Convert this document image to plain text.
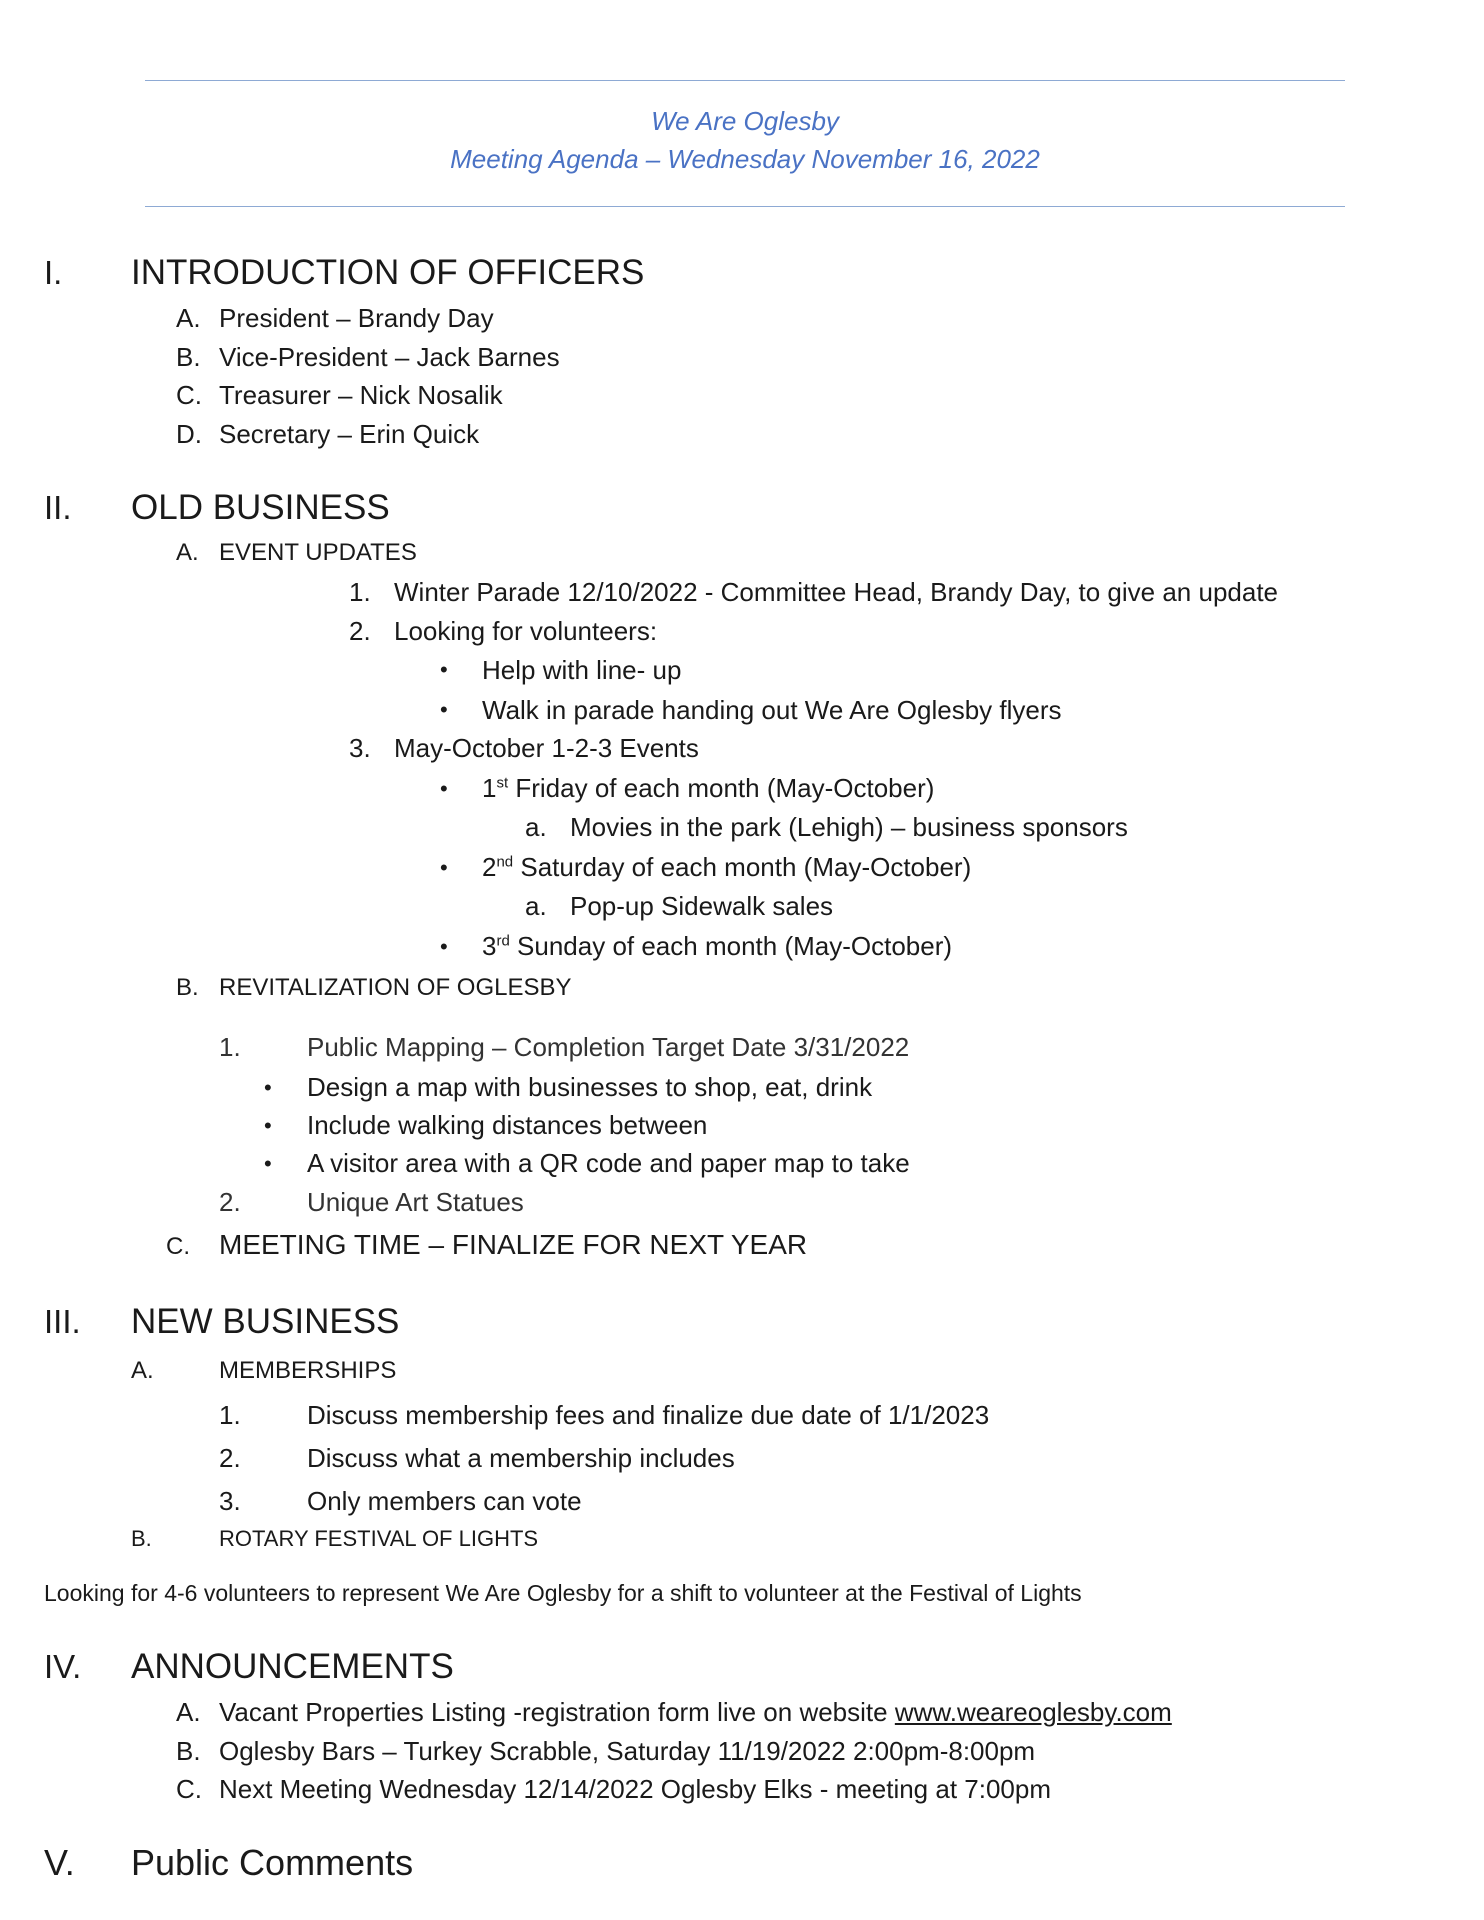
We Are Oglesby
Meeting Agenda – Wednesday November 16, 2022
I. INTRODUCTION OF OFFICERS
A. President – Brandy Day
B. Vice-President – Jack Barnes
C. Treasurer – Nick Nosalik
D. Secretary – Erin Quick
II. OLD BUSINESS
A. EVENT UPDATES
1. Winter Parade 12/10/2022 - Committee Head, Brandy Day, to give an update
2. Looking for volunteers:
• Help with line- up
• Walk in parade handing out We Are Oglesby flyers
3. May-October 1-2-3 Events
• 1st Friday of each month (May-October)
a. Movies in the park (Lehigh) – business sponsors
• 2nd Saturday of each month (May-October)
a. Pop-up Sidewalk sales
• 3rd Sunday of each month (May-October)
B. REVITALIZATION OF OGLESBY
1.	Public Mapping – Completion Target Date 3/31/2022
• Design a map with businesses to shop, eat, drink
• Include walking distances between
• A visitor area with a QR code and paper map to take
2.	Unique Art Statues
C. MEETING TIME – FINALIZE FOR NEXT YEAR
III. NEW BUSINESS
A.	MEMBERSHIPS
1.	Discuss membership fees and finalize due date of 1/1/2023
2.	Discuss what a membership includes
3.	Only members can vote
B.	ROTARY FESTIVAL OF LIGHTS
Looking for 4-6 volunteers to represent We Are Oglesby for a shift to volunteer at the Festival of Lights
IV. ANNOUNCEMENTS
A. Vacant Properties Listing -registration form live on website www.weareoglesby.com
B. Oglesby Bars – Turkey Scrabble, Saturday 11/19/2022 2:00pm-8:00pm
C. Next Meeting Wednesday 12/14/2022 Oglesby Elks - meeting at 7:00pm
V. Public Comments
